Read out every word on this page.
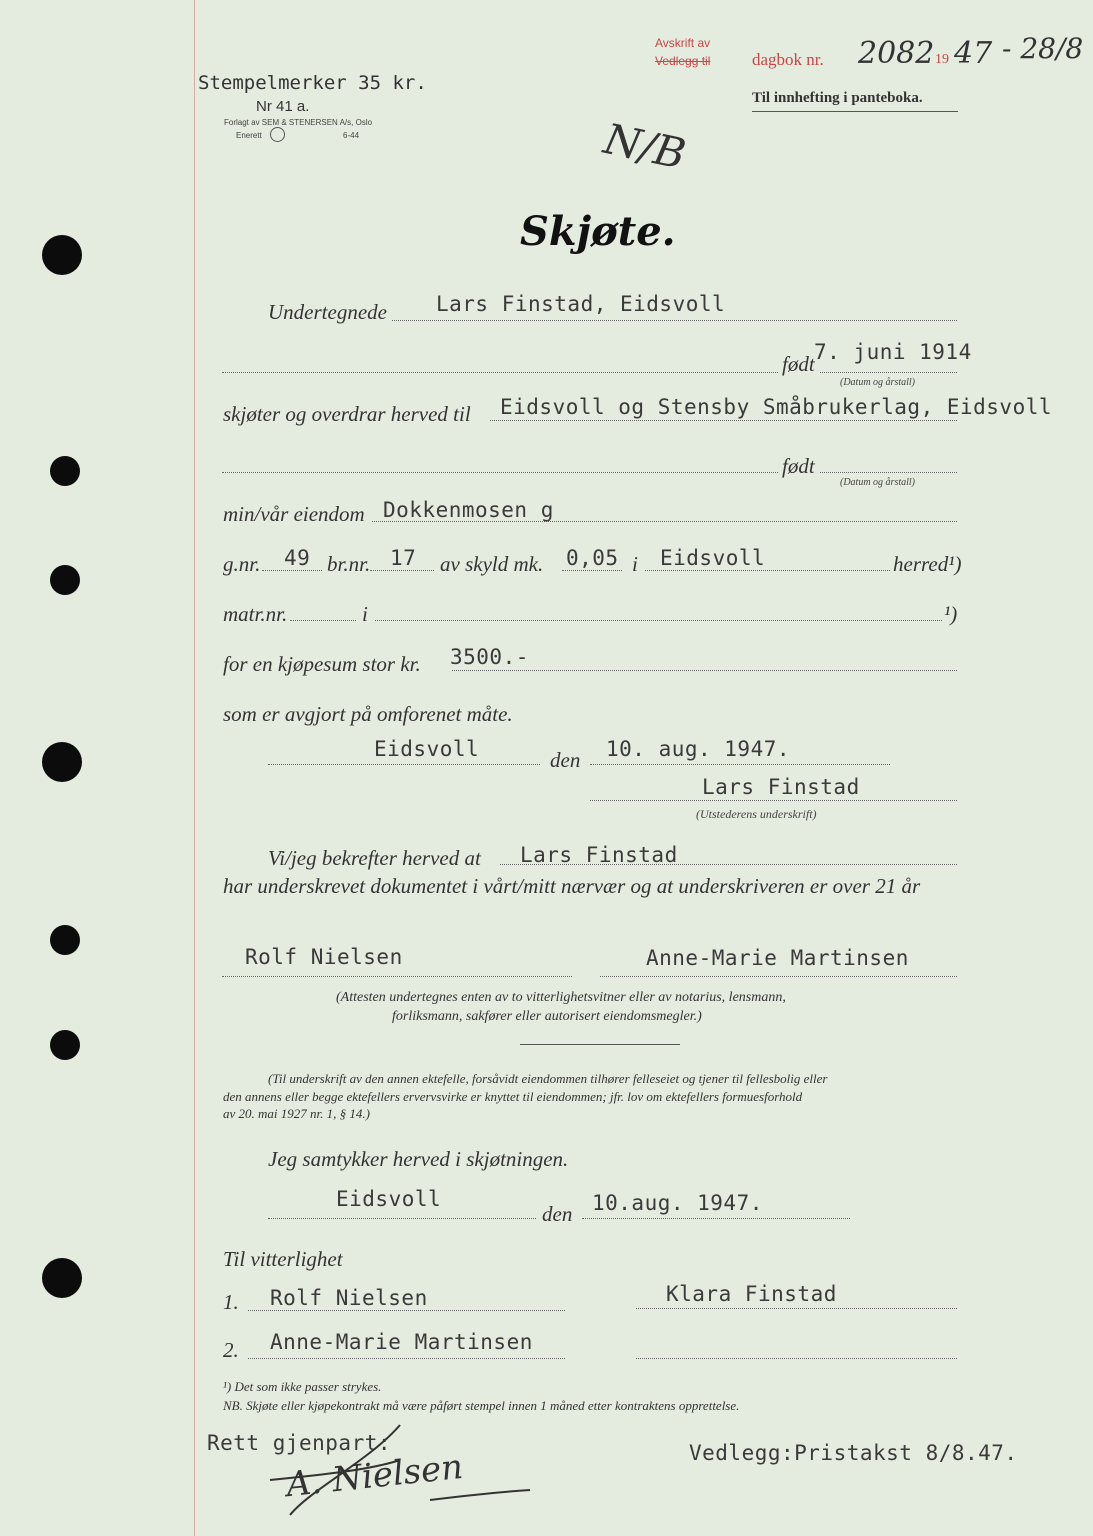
Stempelmerker 35 kr.
Nr 41 a.
Forlagt av SEM & STENERSEN A/s, Oslo
Enerett	6-44
Avskrift av
Vedlegg til dagbok nr. 2082 19 47 - 28/8
Til innhefting i panteboka.
N/B
Skjøte.
Undertegnede Lars Finstad, Eidsvoll
født 7. juni 1914
(Datum og årstall)
skjøter og overdrar herved til Eidsvoll og Stensby Småbrukerlag, Eidsvoll
født
(Datum og årstall)
min/vår eiendom Dokkenmosen g
g.nr. 49 br.nr. 17 av skyld mk. 0,05 i Eidsvoll	herred¹)
matr.nr.	i	¹)
for en kjøpesum stor kr. 3500.-
som er avgjort på omforenet måte.
Eidsvoll	den 10. aug. 1947.
Lars Finstad
(Utstederens underskrift)
Vi/jeg bekrefter herved at Lars Finstad
har underskrevet dokumentet i vårt/mitt nærvær og at underskriveren er over 21 år
Rolf Nielsen	Anne-Marie Martinsen
(Attesten undertegnes enten av to vitterlighetsvitner eller av notarius, lensmann,
forliksmann, sakfører eller autorisert eiendomsmegler.)
(Til underskrift av den annen ektefelle, forsåvidt eiendommen tilhører felleseiet og tjener til fellesbolig eller
den annens eller begge ektefellers ervervsvirke er knyttet til eiendommen; jfr. lov om ektefellers formuesforhold
av 20. mai 1927 nr. 1, § 14.)
Jeg samtykker herved i skjøtningen.
Eidsvoll
den 10.aug. 1947.
Til vitterlighet
1. Rolf Nielsen	Klara Finstad
2. Anne-Marie Martinsen
¹) Det som ikke passer strykes.
NB. Skjøte eller kjøpekontrakt må være påført stempel innen 1 måned etter kontraktens opprettelse.
Rett gjenpart:
A. Nielsen	Vedlegg:Pristakst 8/8.47.
